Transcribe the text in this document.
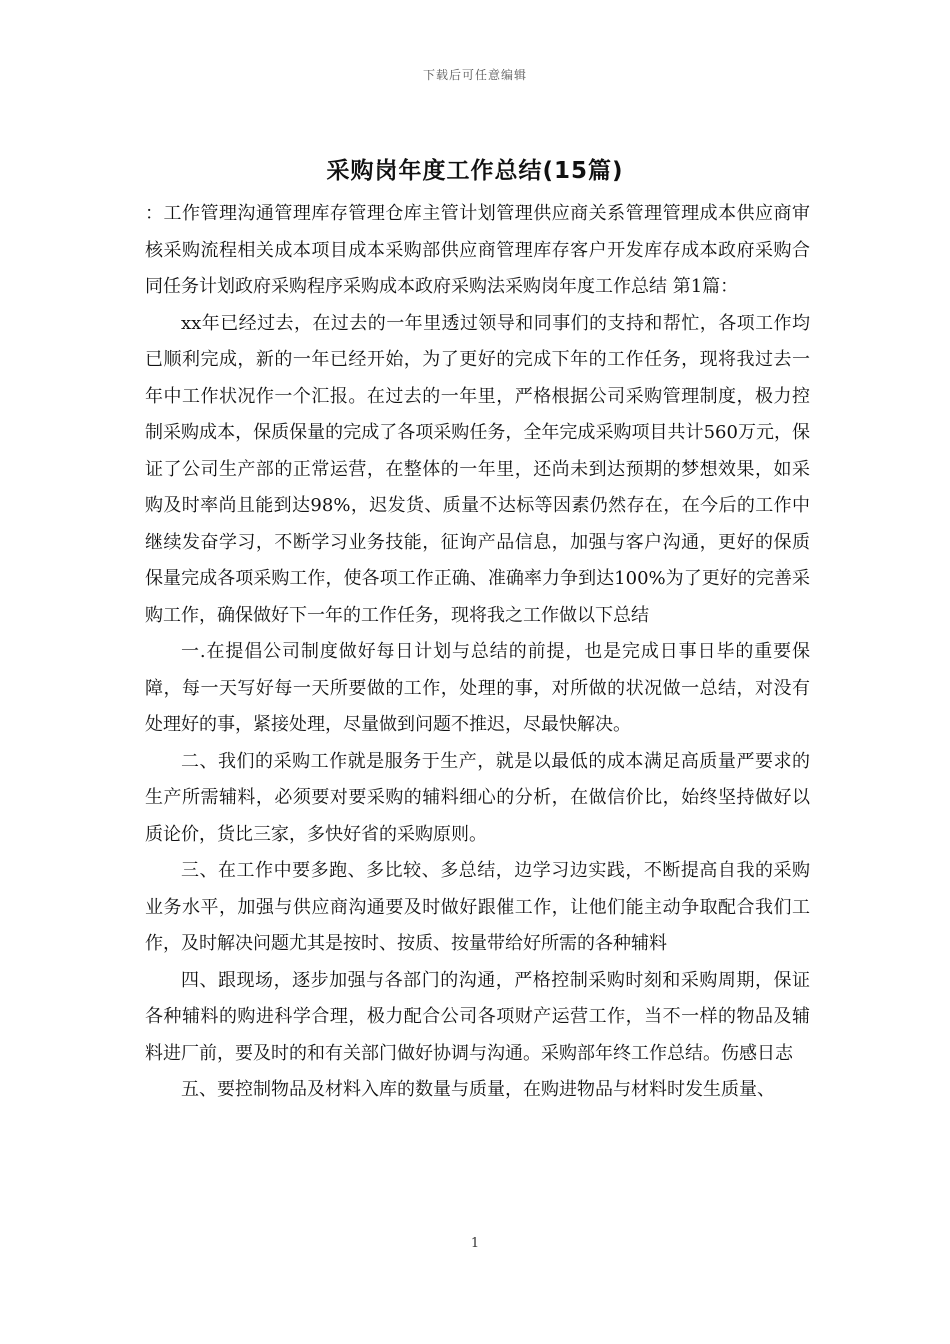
下载后可任意编辑
采购岗年度工作总结(15篇)

：工作管理沟通管理库存管理仓库主管计划管理供应商关系管理管理成本供应商审核采购流程相关成本项目成本采购部供应商管理库存客户开发库存成本政府采购合同任务计划政府采购程序采购成本政府采购法采购岗年度工作总结 第1篇：

xx年已经过去，在过去的一年里透过领导和同事们的支持和帮忙，各项工作均已顺利完成，新的一年已经开始，为了更好的完成下年的工作任务，现将我过去一年中工作状况作一个汇报。在过去的一年里，严格根据公司采购管理制度，极力控制采购成本，保质保量的完成了各项采购任务，全年完成采购项目共计560万元，保证了公司生产部的正常运营，在整体的一年里，还尚未到达预期的梦想效果，如采购及时率尚且能到达98%，迟发货、质量不达标等因素仍然存在，在今后的工作中继续发奋学习，不断学习业务技能，征询产品信息，加强与客户沟通，更好的保质保量完成各项采购工作，使各项工作正确、准确率力争到达100%为了更好的完善采购工作，确保做好下一年的工作任务，现将我之工作做以下总结

一.在提倡公司制度做好每日计划与总结的前提，也是完成日事日毕的重要保障，每一天写好每一天所要做的工作，处理的事，对所做的状况做一总结，对没有处理好的事，紧接处理，尽量做到问题不推迟，尽最快解决。

二、我们的采购工作就是服务于生产，就是以最低的成本满足高质量严要求的生产所需辅料，必须要对要采购的辅料细心的分析，在做信价比，始终坚持做好以质论价，货比三家，多快好省的采购原则。

三、在工作中要多跑、多比较、多总结，边学习边实践，不断提高自我的采购业务水平，加强与供应商沟通要及时做好跟催工作，让他们能主动争取配合我们工作，及时解决问题尤其是按时、按质、按量带给好所需的各种辅料

四、跟现场，逐步加强与各部门的沟通，严格控制采购时刻和采购周期，保证各种辅料的购进科学合理，极力配合公司各项财产运营工作，当不一样的物品及辅料进厂前，要及时的和有关部门做好协调与沟通。采购部年终工作总结。伤感日志

五、要控制物品及材料入库的数量与质量，在购进物品与材料时发生质量、

1
